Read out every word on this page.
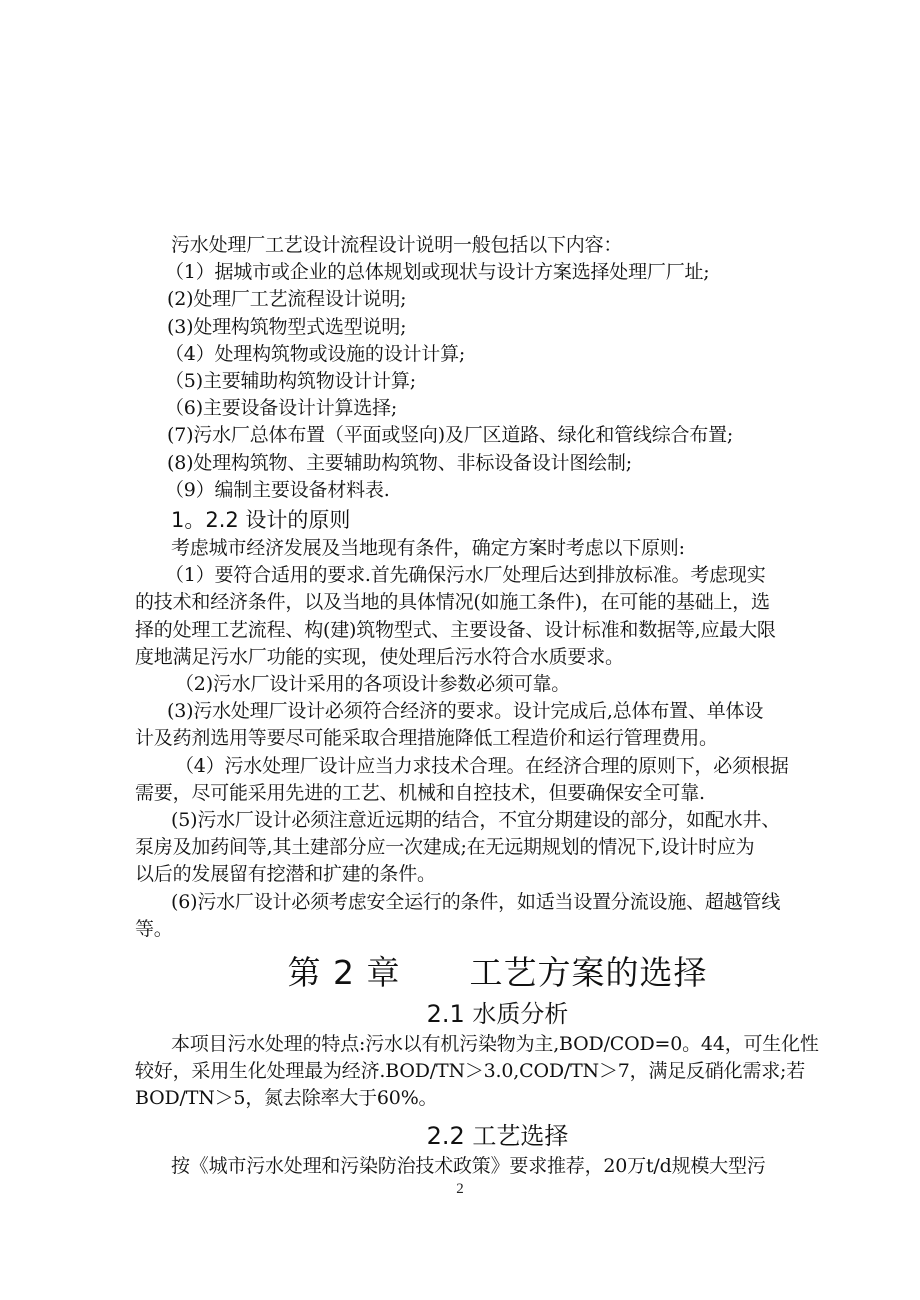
污水处理厂工艺设计流程设计说明一般包括以下内容：
（1）据城市或企业的总体规划或现状与设计方案选择处理厂厂址;
(2)处理厂工艺流程设计说明;
(3)处理构筑物型式选型说明;
（4）处理构筑物或设施的设计计算;
（5)主要辅助构筑物设计计算;
（6)主要设备设计计算选择;
(7)污水厂总体布置（平面或竖向)及厂区道路、绿化和管线综合布置;
(8)处理构筑物、主要辅助构筑物、非标设备设计图绘制;
（9）编制主要设备材料表.
1。2.2 设计的原则
考虑城市经济发展及当地现有条件，确定方案时考虑以下原则:
（1）要符合适用的要求.首先确保污水厂处理后达到排放标准。考虑现实
的技术和经济条件，以及当地的具体情况(如施工条件)，在可能的基础上，选
择的处理工艺流程、构(建)筑物型式、主要设备、设计标准和数据等,应最大限
度地满足污水厂功能的实现，使处理后污水符合水质要求。
（2)污水厂设计采用的各项设计参数必须可靠。
(3)污水处理厂设计必须符合经济的要求。设计完成后,总体布置、单体设
计及药剂选用等要尽可能采取合理措施降低工程造价和运行管理费用。
（4）污水处理厂设计应当力求技术合理。在经济合理的原则下，必须根据
需要，尽可能采用先进的工艺、机械和自控技术，但要确保安全可靠.
(5)污水厂设计必须注意近远期的结合，不宜分期建设的部分，如配水井、
泵房及加药间等,其土建部分应一次建成;在无远期规划的情况下,设计时应为
以后的发展留有挖潜和扩建的条件。
(6)污水厂设计必须考虑安全运行的条件，如适当设置分流设施、超越管线
等。
第 2 章      工艺方案的选择
2.1 水质分析
本项目污水处理的特点:污水以有机污染物为主,BOD/COD=0。44，可生化性
较好，采用生化处理最为经济.BOD/TN＞3.0,COD/TN＞7，满足反硝化需求;若
BOD/TN＞5，氮去除率大于60%。
2.2 工艺选择
按《城市污水处理和污染防治技术政策》要求推荐，20万t/d规模大型污
2
